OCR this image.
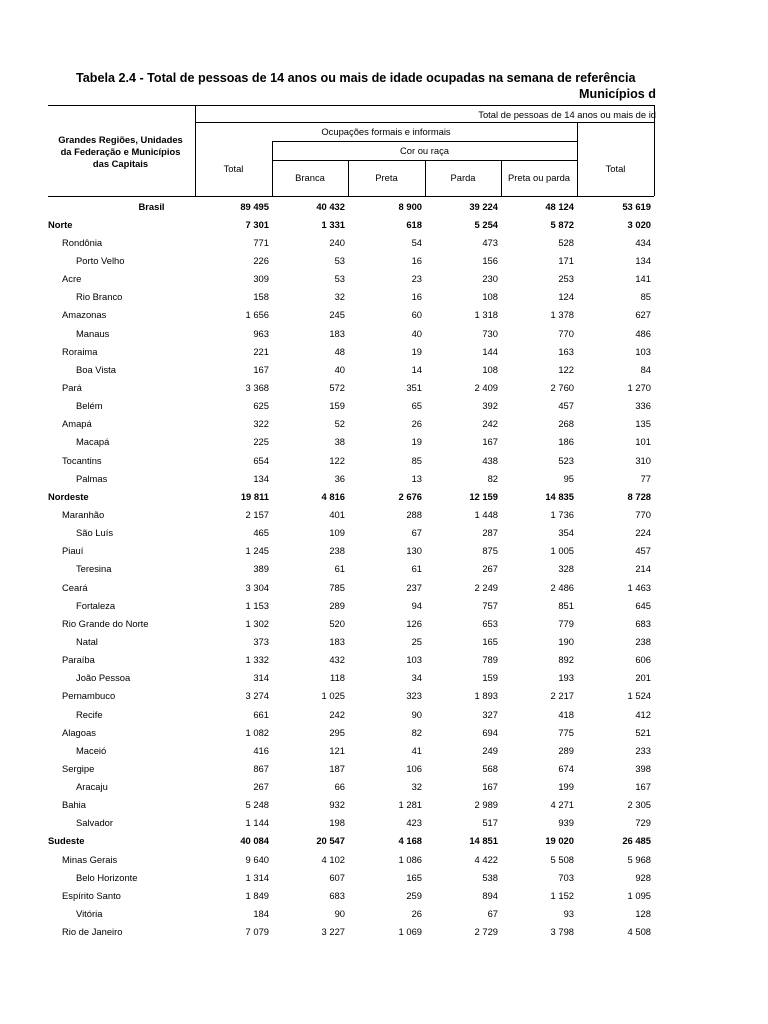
Tabela 2.4 - Total de pessoas de 14 anos ou mais de idade ocupadas na semana de referência
Municípios d
Total de pessoas de 14 anos ou mais de id
Ocupações formais e informais
Cor ou raça
Total
Branca	Preta	Parda	Preta ou parda
Total
Grandes Regiões, Unidades
da Federação e Municípios
das Capitais
Brasil	89 495	40 432	8 900	39 224	48 124	53 619
Norte	7 301	1 331	618	5 254	5 872	3 020
Rondônia	771	240	54	473	528	434
Porto Velho	226	53	16	156	171	134
Acre	309	53	23	230	253	141
Rio Branco	158	32	16	108	124	85
Amazonas	1 656	245	60	1 318	1 378	627
Manaus	963	183	40	730	770	486
Roraima	221	48	19	144	163	103
Boa Vista	167	40	14	108	122	84
Pará	3 368	572	351	2 409	2 760	1 270
Belém	625	159	65	392	457	336
Amapá	322	52	26	242	268	135
Macapá	225	38	19	167	186	101
Tocantins	654	122	85	438	523	310
Palmas	134	36	13	82	95	77
Nordeste	19 811	4 816	2 676	12 159	14 835	8 728
Maranhão	2 157	401	288	1 448	1 736	770
São Luís	465	109	67	287	354	224
Piauí	1 245	238	130	875	1 005	457
Teresina	389	61	61	267	328	214
Ceará	3 304	785	237	2 249	2 486	1 463
Fortaleza	1 153	289	94	757	851	645
Rio Grande do Norte	1 302	520	126	653	779	683
Natal	373	183	25	165	190	238
Paraíba	1 332	432	103	789	892	606
João Pessoa	314	118	34	159	193	201
Pernambuco	3 274	1 025	323	1 893	2 217	1 524
Recife	661	242	90	327	418	412
Alagoas	1 082	295	82	694	775	521
Maceió	416	121	41	249	289	233
Sergipe	867	187	106	568	674	398
Aracaju	267	66	32	167	199	167
Bahia	5 248	932	1 281	2 989	4 271	2 305
Salvador	1 144	198	423	517	939	729
Sudeste	40 084	20 547	4 168	14 851	19 020	26 485
Minas Gerais	9 640	4 102	1 086	4 422	5 508	5 968
Belo Horizonte	1 314	607	165	538	703	928
Espírito Santo	1 849	683	259	894	1 152	1 095
Vitória	184	90	26	67	93	128
Rio de Janeiro	7 079	3 227	1 069	2 729	3 798	4 508
